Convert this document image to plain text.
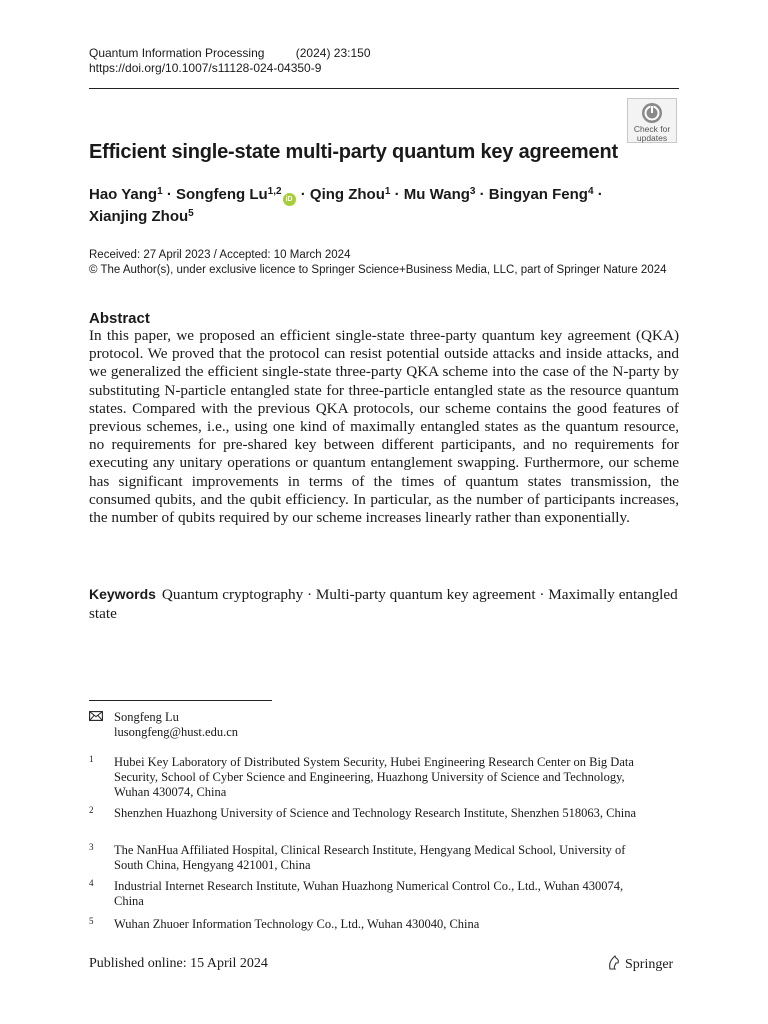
Quantum Information Processing	(2024) 23:150
https://doi.org/10.1007/s11128-024-04350-9
Check for
updates
Efficient single-state multi-party quantum key agreement
Hao Yang$^1$ · Songfeng Lu$^{1,2}$iD · Qing Zhou$^1$ · Mu Wang$^3$ · Bingyan Feng$^4$ ·
Xianjing Zhou$^5$
Received: 27 April 2023 / Accepted: 10 March 2024
© The Author(s), under exclusive licence to Springer Science+Business Media, LLC, part of Springer Nature 2024
Abstract

In this paper, we proposed an efficient single-state three-party quantum key agreement (QKA) protocol. We proved that the protocol can resist potential outside attacks and inside attacks, and we generalized the efficient single-state three-party QKA scheme into the case of the N-party by substituting N-particle entangled state for three-particle entangled state as the resource quantum states. Compared with the previous QKA protocols, our scheme contains the good features of previous schemes, i.e., using one kind of maximally entangled states as the quantum resource, no requirements for pre-shared key between different participants, and no requirements for executing any unitary operations or quantum entanglement swapping. Furthermore, our scheme has significant improvements in terms of the times of quantum states transmission, the consumed qubits, and the qubit efficiency. In particular, as the number of participants increases, the number of qubits required by our scheme increases linearly rather than exponentially.

Keywords Quantum cryptography · Multi-party quantum key agreement · Maximally entangled state
Songfeng Lu
lusongfeng@hust.edu.cn
1 Hubei Key Laboratory of Distributed System Security, Hubei Engineering Research Center on Big Data Security, School of Cyber Science and Engineering, Huazhong University of Science and Technology, Wuhan 430074, China
2 Shenzhen Huazhong University of Science and Technology Research Institute, Shenzhen 518063, China
3 The NanHua Affiliated Hospital, Clinical Research Institute, Hengyang Medical School, University of South China, Hengyang 421001, China
4 Industrial Internet Research Institute, Wuhan Huazhong Numerical Control Co., Ltd., Wuhan 430074, China
5 Wuhan Zhuoer Information Technology Co., Ltd., Wuhan 430040, China
Published online: 15 April 2024	Springer
